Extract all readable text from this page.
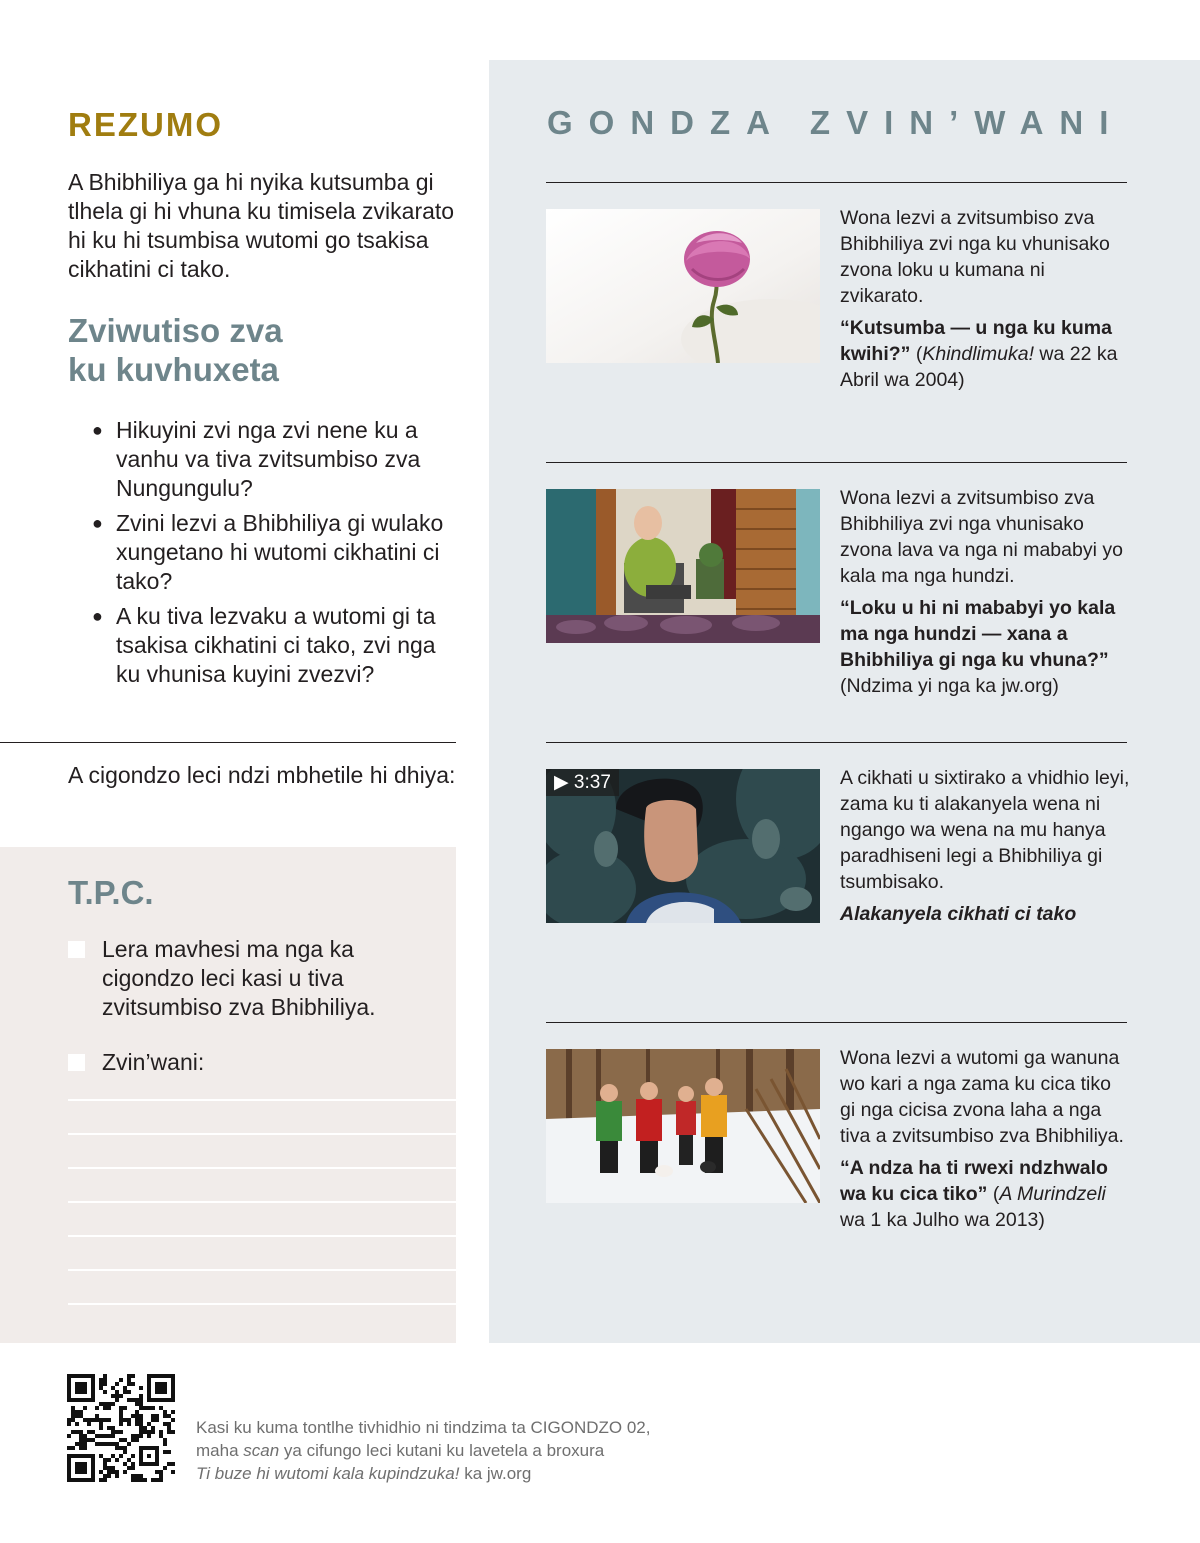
REZUMO
A Bhibhiliya ga hi nyika kutsumba gi tlhela gi hi vhuna ku timisela zvikarato hi ku hi tsumbisa wutomi go tsakisa cikhatini ci tako.
Zviwutiso zva
ku kuvhuxeta
● Hikuyini zvi nga zvi nene ku a vanhu va tiva zvitsumbiso zva Nungungulu?
● Zvini lezvi a Bhibhiliya gi wulako xungetano hi wutomi cikhatini ci tako?
● A ku tiva lezvaku a wutomi gi ta tsakisa cikhatini ci tako, zvi nga ku vhunisa kuyini zvezvi?
A cigondzo leci ndzi mbhetile hi dhiya:
T.P.C.
Lera mavhesi ma nga ka cigondzo leci kasi u tiva zvitsumbiso zva Bhibhiliya.
Zvin’wani:
GONDZA ZVIN’WANI
Wona lezvi a zvitsumbiso zva Bhibhiliya zvi nga ku vhunisako zvona loku u kumana ni zvikarato.
“Kutsumba — u nga ku kuma kwihi?” (Khindlimuka! wa 22 ka Abril wa 2004)
Wona lezvi a zvitsumbiso zva Bhibhiliya zvi nga vhunisako zvona lava va nga ni mababyi yo kala ma nga hundzi.
“Loku u hi ni mababyi yo kala ma nga hundzi — xana a Bhibhiliya gi nga ku vhuna?” (Ndzima yi nga ka jw.org)
▶ 3:37	A cikhati u sixtirako a vhidhio leyi, zama ku ti alakanyela wena ni ngango wa wena na mu hanya paradhiseni legi a Bhibhiliya gi tsumbisako.
Alakanyela cikhati ci tako
Wona lezvi a wutomi ga wanuna wo kari a nga zama ku cica tiko gi nga cicisa zvona laha a nga tiva a zvitsumbiso zva Bhibhiliya.
“A ndza ha ti rwexi ndzhwalo wa ku cica tiko” (A Murindzeli wa 1 ka Julho wa 2013)
Kasi ku kuma tontlhe tivhidhio ni tindzima ta CIGONDZO 02,
maha scan ya cifungo leci kutani ku lavetela a broxura
Ti buze hi wutomi kala kupindzuka! ka jw.org
